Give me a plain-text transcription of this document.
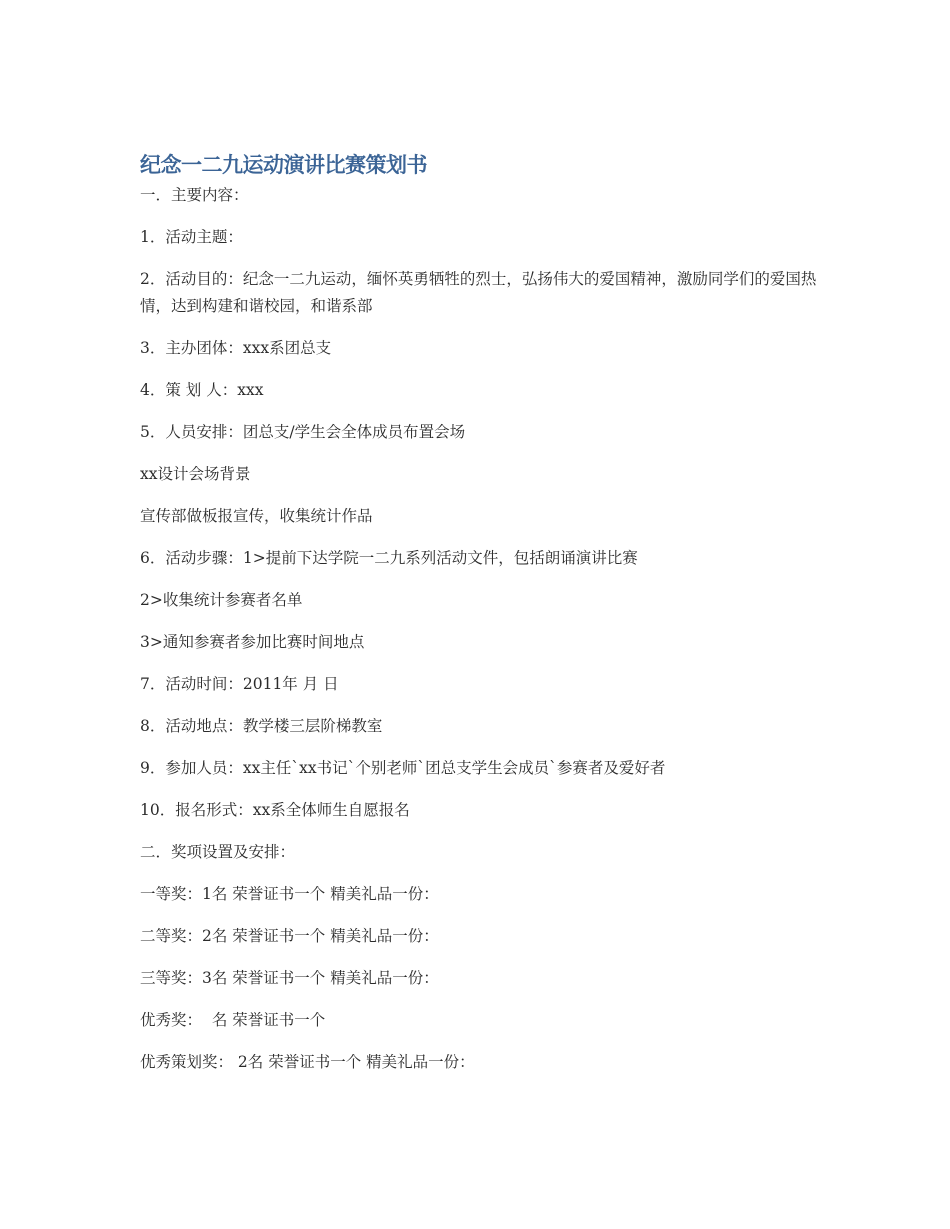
纪念一二九运动演讲比赛策划书

一．主要内容：

1．活动主题：

2．活动目的：纪念一二九运动，缅怀英勇牺牲的烈士，弘扬伟大的爱国精神，激励同学们的爱国热情，达到构建和谐校园，和谐系部

3．主办团体：xxx系团总支

4．策 划 人：xxx

5．人员安排：团总支/学生会全体成员布置会场

xx设计会场背景

宣传部做板报宣传，收集统计作品

6．活动步骤：1>提前下达学院一二九系列活动文件，包括朗诵演讲比赛

2>收集统计参赛者名单

3>通知参赛者参加比赛时间地点

7．活动时间：2011年 月 日

8．活动地点：教学楼三层阶梯教室

9．参加人员：xx主任`xx书记`个别老师`团总支学生会成员`参赛者及爱好者

10．报名形式：xx系全体师生自愿报名

二．奖项设置及安排：

一等奖：1名 荣誉证书一个 精美礼品一份：

二等奖：2名 荣誉证书一个 精美礼品一份：

三等奖：3名 荣誉证书一个 精美礼品一份：

优秀奖：  名 荣誉证书一个

优秀策划奖： 2名 荣誉证书一个 精美礼品一份：
